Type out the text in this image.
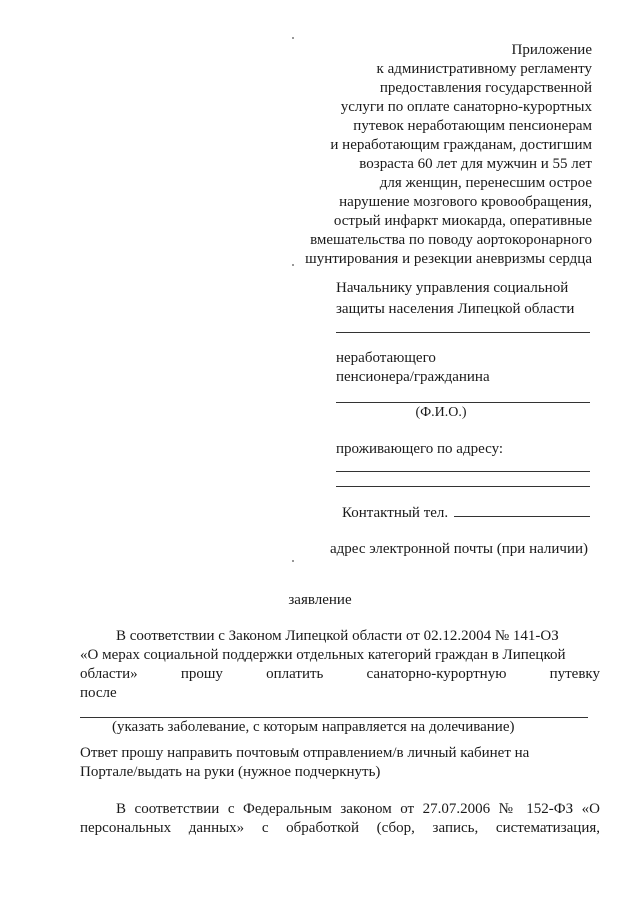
Приложение
к административному регламенту
предоставления государственной
услуги по оплате санаторно-курортных
путевок неработающим пенсионерам
и неработающим гражданам, достигшим
возраста 60 лет для мужчин и 55 лет
для женщин, перенесшим острое
нарушение мозгового кровообращения,
острый инфаркт миокарда, оперативные
вмешательства по поводу аортокоронарного
шунтирования и резекции аневризмы сердца
Начальнику управления социальной
защиты населения Липецкой области
неработающего
пенсионера/гражданина
(Ф.И.О.)
проживающего по адресу:
Контактный тел.
адрес электронной почты (при наличии)
заявление
В соответствии с Законом Липецкой области от 02.12.2004 № 141-ОЗ
«О мерах социальной поддержки отдельных категорий граждан в Липецкой
области» прошу оплатить санаторно-курортную путевку
после
(указать заболевание, с которым направляется на долечивание)
Ответ прошу направить почтовым отправлением/в личный кабинет на
Портале/выдать на руки (нужное подчеркнуть)
В соответствии с Федеральным законом от 27.07.2006 № 152-ФЗ «О
персональных данных» с обработкой (сбор, запись, систематизация,
